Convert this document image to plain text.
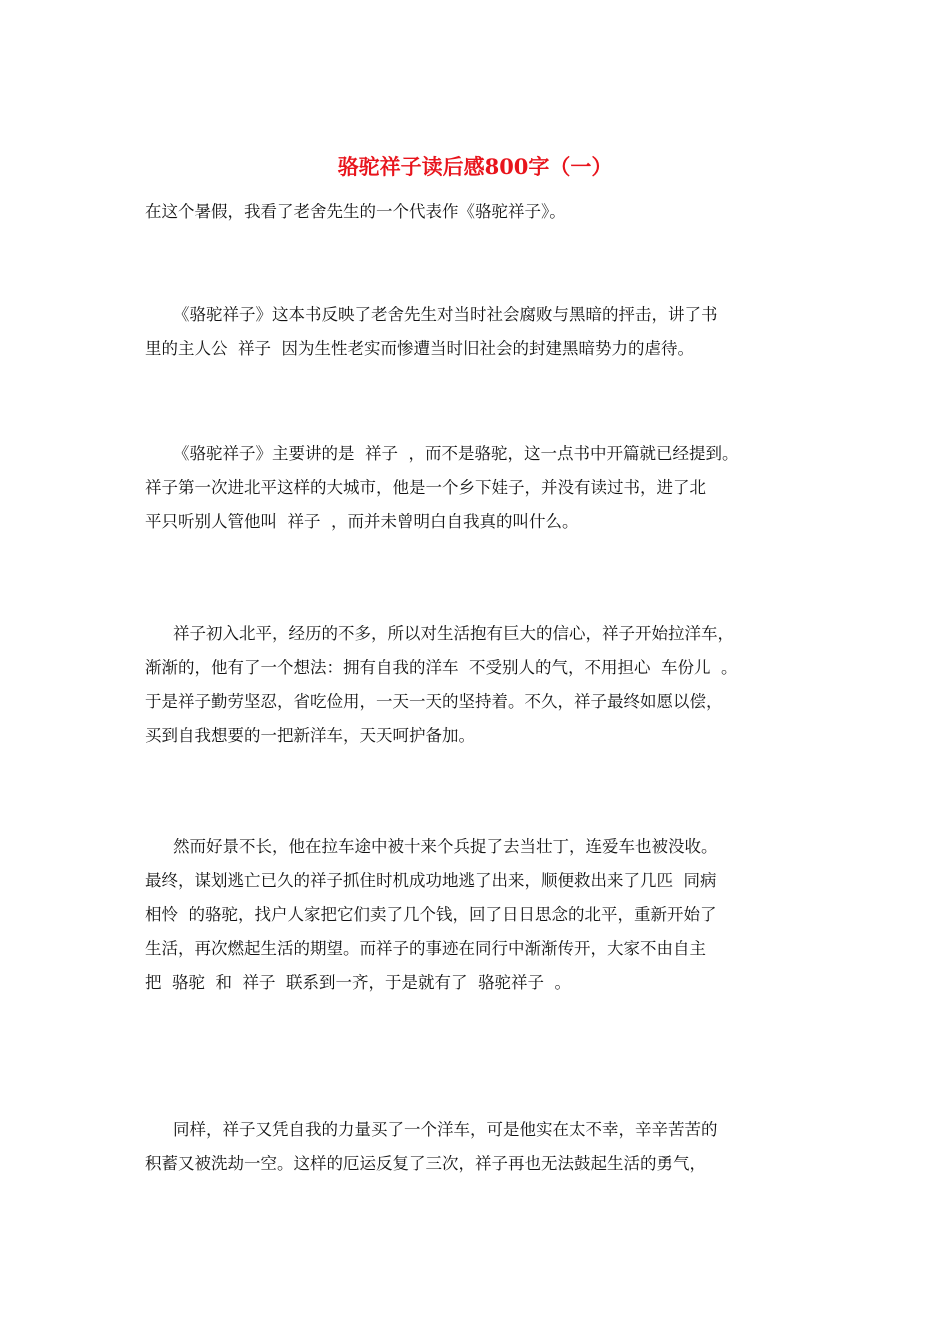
骆驼祥子读后感800字（一）
在这个暑假，我看了老舍先生的一个代表作《骆驼祥子》。
《骆驼祥子》这本书反映了老舍先生对当时社会腐败与黑暗的抨击，讲了书
里的主人公  祥子  因为生性老实而惨遭当时旧社会的封建黑暗势力的虐待。
《骆驼祥子》主要讲的是  祥子  ，而不是骆驼，这一点书中开篇就已经提到。
祥子第一次进北平这样的大城市，他是一个乡下娃子，并没有读过书，进了北
平只听别人管他叫  祥子  ，而并未曾明白自我真的叫什么。
祥子初入北平，经历的不多，所以对生活抱有巨大的信心，祥子开始拉洋车，
渐渐的，他有了一个想法：拥有自我的洋车  不受别人的气，不用担心  车份儿  。
于是祥子勤劳坚忍，省吃俭用，一天一天的坚持着。不久，祥子最终如愿以偿，
买到自我想要的一把新洋车，天天呵护备加。
然而好景不长，他在拉车途中被十来个兵捉了去当壮丁，连爱车也被没收。
最终，谋划逃亡已久的祥子抓住时机成功地逃了出来，顺便救出来了几匹  同病
相怜  的骆驼，找户人家把它们卖了几个钱，回了日日思念的北平，重新开始了
生活，再次燃起生活的期望。而祥子的事迹在同行中渐渐传开，大家不由自主
把  骆驼  和  祥子  联系到一齐，于是就有了  骆驼祥子  。
同样，祥子又凭自我的力量买了一个洋车，可是他实在太不幸，辛辛苦苦的
积蓄又被洗劫一空。这样的厄运反复了三次，祥子再也无法鼓起生活的勇气，
